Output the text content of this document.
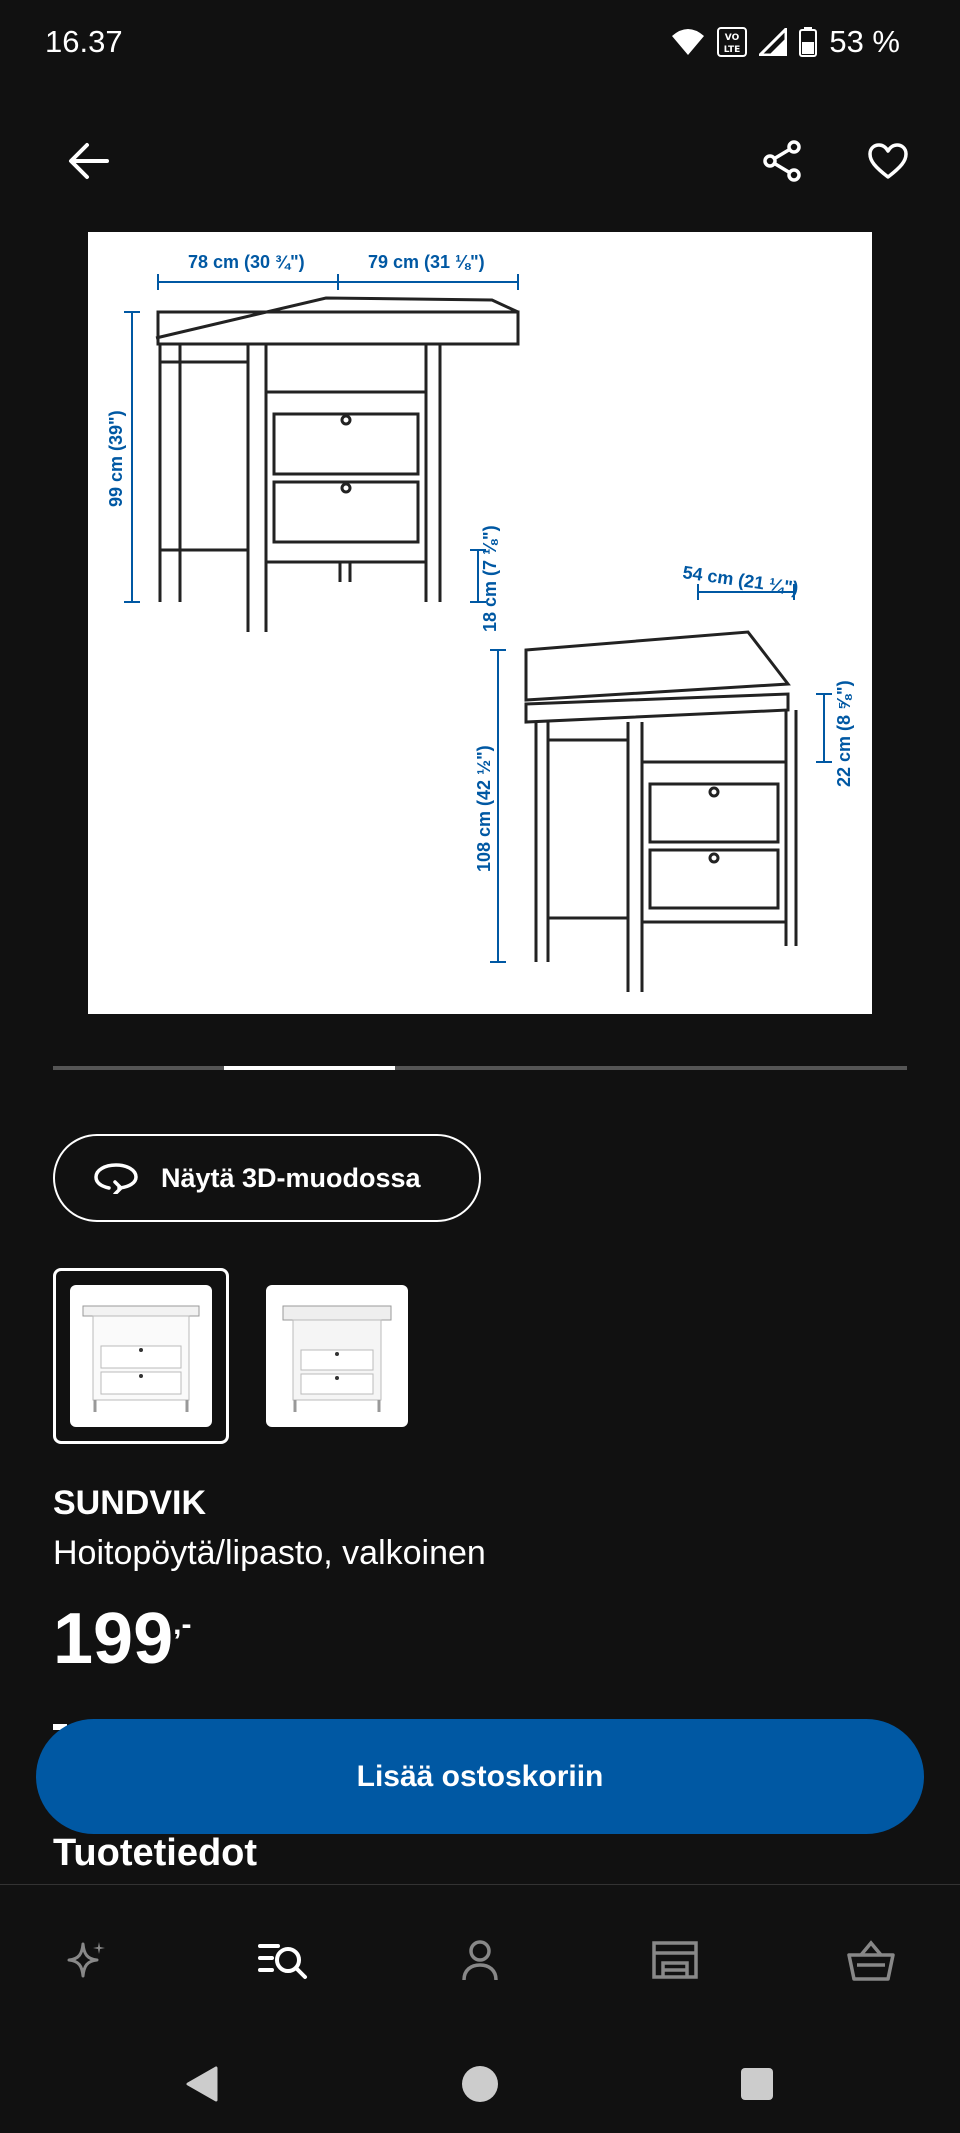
16.37	VO
LTE	53 %
78 cm (30 ¾")	79 cm (31 ⅛")
99 cm (39")
18 cm (7 ⅛")	54 cm (21 ¼")
108 cm (42 ½")
22 cm (8 ⅝")
Näytä 3D-muodossa
SUNDVIK
Hoitopöytä/lipasto, valkoinen
199,-
Lisää ostoskoriin
Tuotetiedot
